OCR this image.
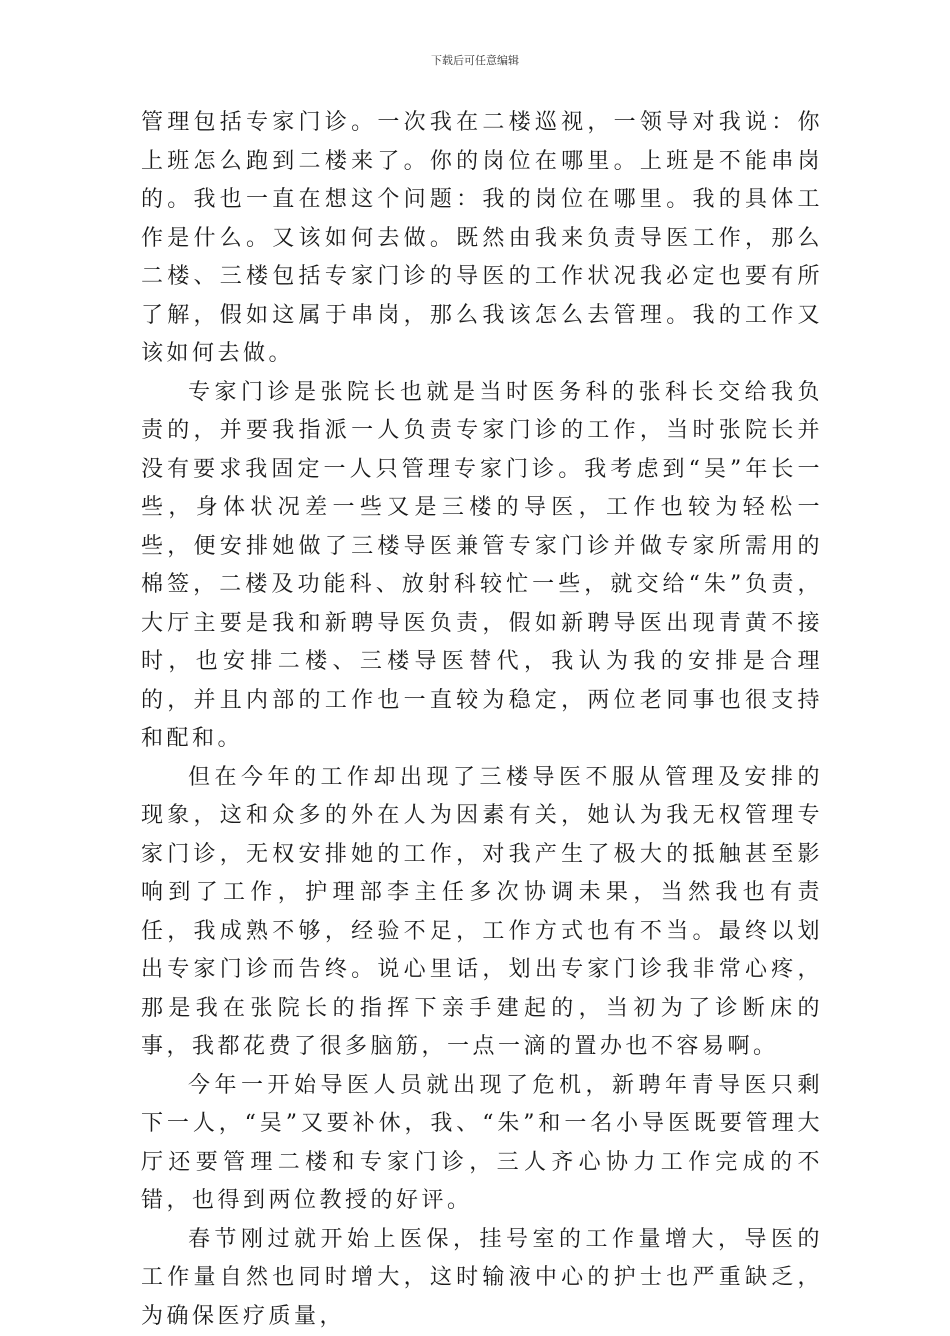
下载后可任意编辑

管理包括专家门诊。一次我在二楼巡视，一领导对我说：你上班怎么跑到二楼来了。你的岗位在哪里。上班是不能串岗的。我也一直在想这个问题：我的岗位在哪里。我的具体工作是什么。又该如何去做。既然由我来负责导医工作，那么二楼、三楼包括专家门诊的导医的工作状况我必定也要有所了解，假如这属于串岗，那么我该怎么去管理。我的工作又该如何去做。

专家门诊是张院长也就是当时医务科的张科长交给我负责的，并要我指派一人负责专家门诊的工作，当时张院长并没有要求我固定一人只管理专家门诊。我考虑到“吴”年长一些，身体状况差一些又是三楼的导医，工作也较为轻松一些，便安排她做了三楼导医兼管专家门诊并做专家所需用的棉签，二楼及功能科、放射科较忙一些，就交给“朱”负责，大厅主要是我和新聘导医负责，假如新聘导医出现青黄不接时，也安排二楼、三楼导医替代，我认为我的安排是合理的，并且内部的工作也一直较为稳定，两位老同事也很支持和配和。

但在今年的工作却出现了三楼导医不服从管理及安排的现象，这和众多的外在人为因素有关，她认为我无权管理专家门诊，无权安排她的工作，对我产生了极大的抵触甚至影响到了工作，护理部李主任多次协调未果，当然我也有责任，我成熟不够，经验不足，工作方式也有不当。最终以划出专家门诊而告终。说心里话，划出专家门诊我非常心疼，那是我在张院长的指挥下亲手建起的，当初为了诊断床的事，我都花费了很多脑筋，一点一滴的置办也不容易啊。

今年一开始导医人员就出现了危机，新聘年青导医只剩下一人，“吴”又要补休，我、“朱”和一名小导医既要管理大厅还要管理二楼和专家门诊，三人齐心协力工作完成的不错，也得到两位教授的好评。

春节刚过就开始上医保，挂号室的工作量增大，导医的工作量自然也同时增大，这时输液中心的护士也严重缺乏，为确保医疗质量，
